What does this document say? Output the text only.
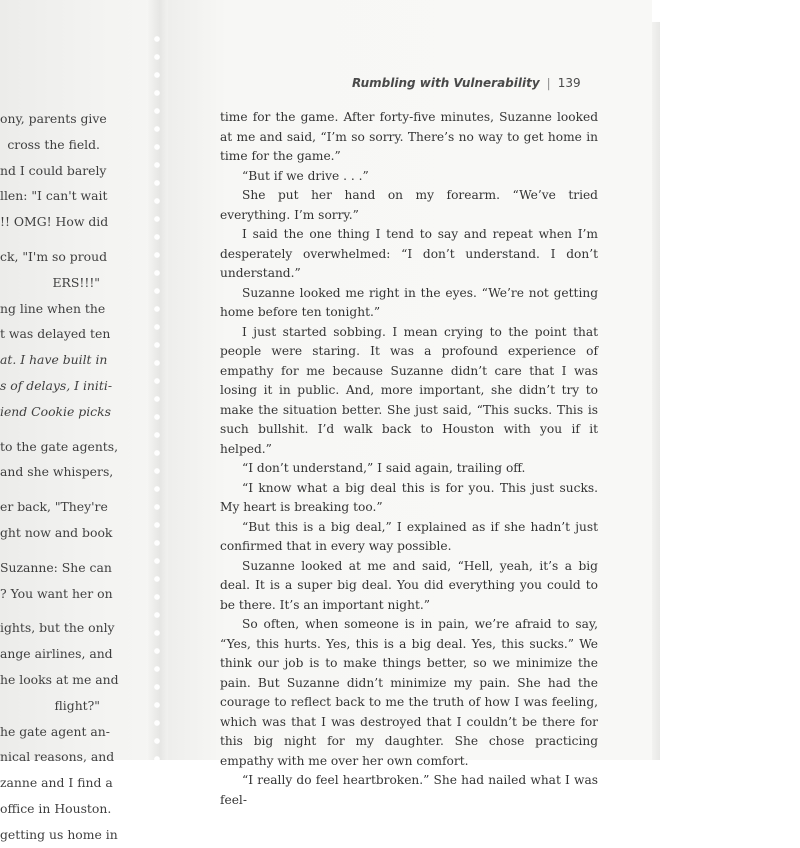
ony, parents give
cross the field.
nd I could barely
llen: "I can't wait
!! OMG! How did
ck, "I'm so proud
ERS!!!"
ng line when the
t was delayed ten
at. I have built in
s of delays, I initi-
iend Cookie picks
to the gate agents,
and she whispers,
er back, "They're
ght now and book
Suzanne: She can
? You want her on
ights, but the only
ange airlines, and
he looks at me and
flight?"
he gate agent an-
nical reasons, and
zanne and I find a
office in Houston.
getting us home in
Rumbling with Vulnerability | 139

time for the game. After forty-five minutes, Suzanne looked at me and said, “I’m so sorry. There’s no way to get home in time for the game.”

“But if we drive . . .”

She put her hand on my forearm. “We’ve tried everything. I’m sorry.”

I said the one thing I tend to say and repeat when I’m desperately overwhelmed: “I don’t understand. I don’t understand.”

Suzanne looked me right in the eyes. “We’re not getting home before ten tonight.”

I just started sobbing. I mean crying to the point that people were staring. It was a profound experience of empathy for me because Suzanne didn’t care that I was losing it in public. And, more important, she didn’t try to make the situation better. She just said, “This sucks. This is such bullshit. I’d walk back to Houston with you if it helped.”

“I don’t understand,” I said again, trailing off.

“I know what a big deal this is for you. This just sucks. My heart is breaking too.”

“But this is a big deal,” I explained as if she hadn’t just confirmed that in every way possible.

Suzanne looked at me and said, “Hell, yeah, it’s a big deal. It is a super big deal. You did everything you could to be there. It’s an important night.”

So often, when someone is in pain, we’re afraid to say, “Yes, this hurts. Yes, this is a big deal. Yes, this sucks.” We think our job is to make things better, so we minimize the pain. But Suzanne didn’t minimize my pain. She had the courage to reflect back to me the truth of how I was feeling, which was that I was destroyed that I couldn’t be there for this big night for my daughter. She chose practicing empathy with me over her own comfort.

“I really do feel heartbroken.” She had nailed what I was feel-
